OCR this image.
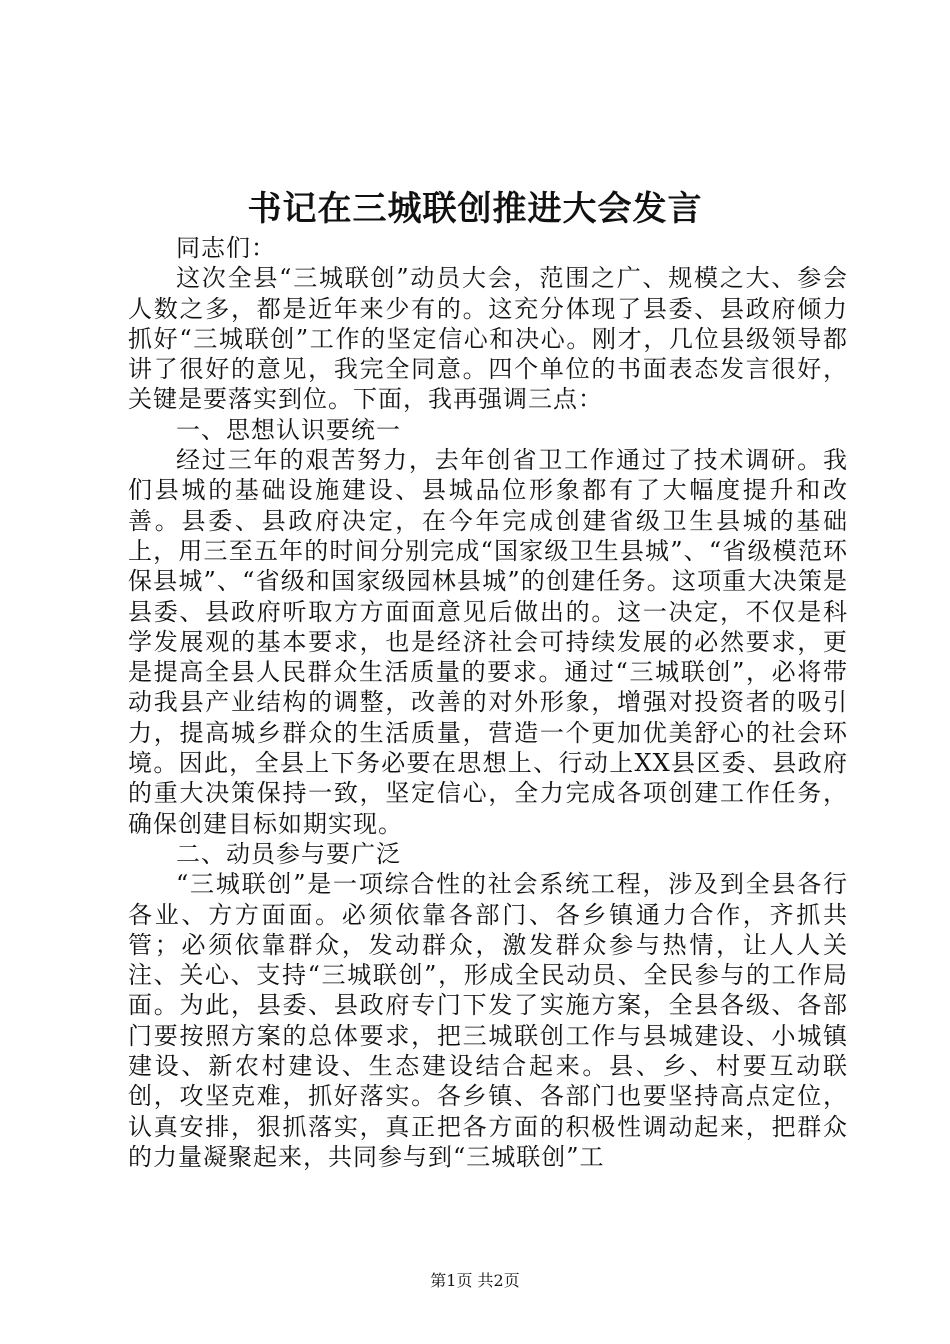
书记在三城联创推进大会发言

同志们：

这次全县“三城联创”动员大会，范围之广、规模之大、参会人数之多，都是近年来少有的。这充分体现了县委、县政府倾力抓好“三城联创”工作的坚定信心和决心。刚才，几位县级领导都讲了很好的意见，我完全同意。四个单位的书面表态发言很好，关键是要落实到位。下面，我再强调三点：

一、思想认识要统一

经过三年的艰苦努力，去年创省卫工作通过了技术调研。我们县城的基础设施建设、县城品位形象都有了大幅度提升和改善。县委、县政府决定，在今年完成创建省级卫生县城的基础上，用三至五年的时间分别完成“国家级卫生县城”、“省级模范环保县城”、“省级和国家级园林县城”的创建任务。这项重大决策是县委、县政府听取方方面面意见后做出的。这一决定，不仅是科学发展观的基本要求，也是经济社会可持续发展的必然要求，更是提高全县人民群众生活质量的要求。通过“三城联创”，必将带动我县产业结构的调整，改善的对外形象，增强对投资者的吸引力，提高城乡群众的生活质量，营造一个更加优美舒心的社会环境。因此，全县上下务必要在思想上、行动上XX县区委、县政府的重大决策保持一致，坚定信心，全力完成各项创建工作任务，确保创建目标如期实现。

二、动员参与要广泛

“三城联创”是一项综合性的社会系统工程，涉及到全县各行各业、方方面面。必须依靠各部门、各乡镇通力合作，齐抓共管；必须依靠群众，发动群众，激发群众参与热情，让人人关注、关心、支持“三城联创”，形成全民动员、全民参与的工作局面。为此，县委、县政府专门下发了实施方案，全县各级、各部门要按照方案的总体要求，把三城联创工作与县城建设、小城镇建设、新农村建设、生态建设结合起来。县、乡、村要互动联创，攻坚克难，抓好落实。各乡镇、各部门也要坚持高点定位，认真安排，狠抓落实，真正把各方面的积极性调动起来，把群众的力量凝聚起来，共同参与到“三城联创”工

第1页 共2页
